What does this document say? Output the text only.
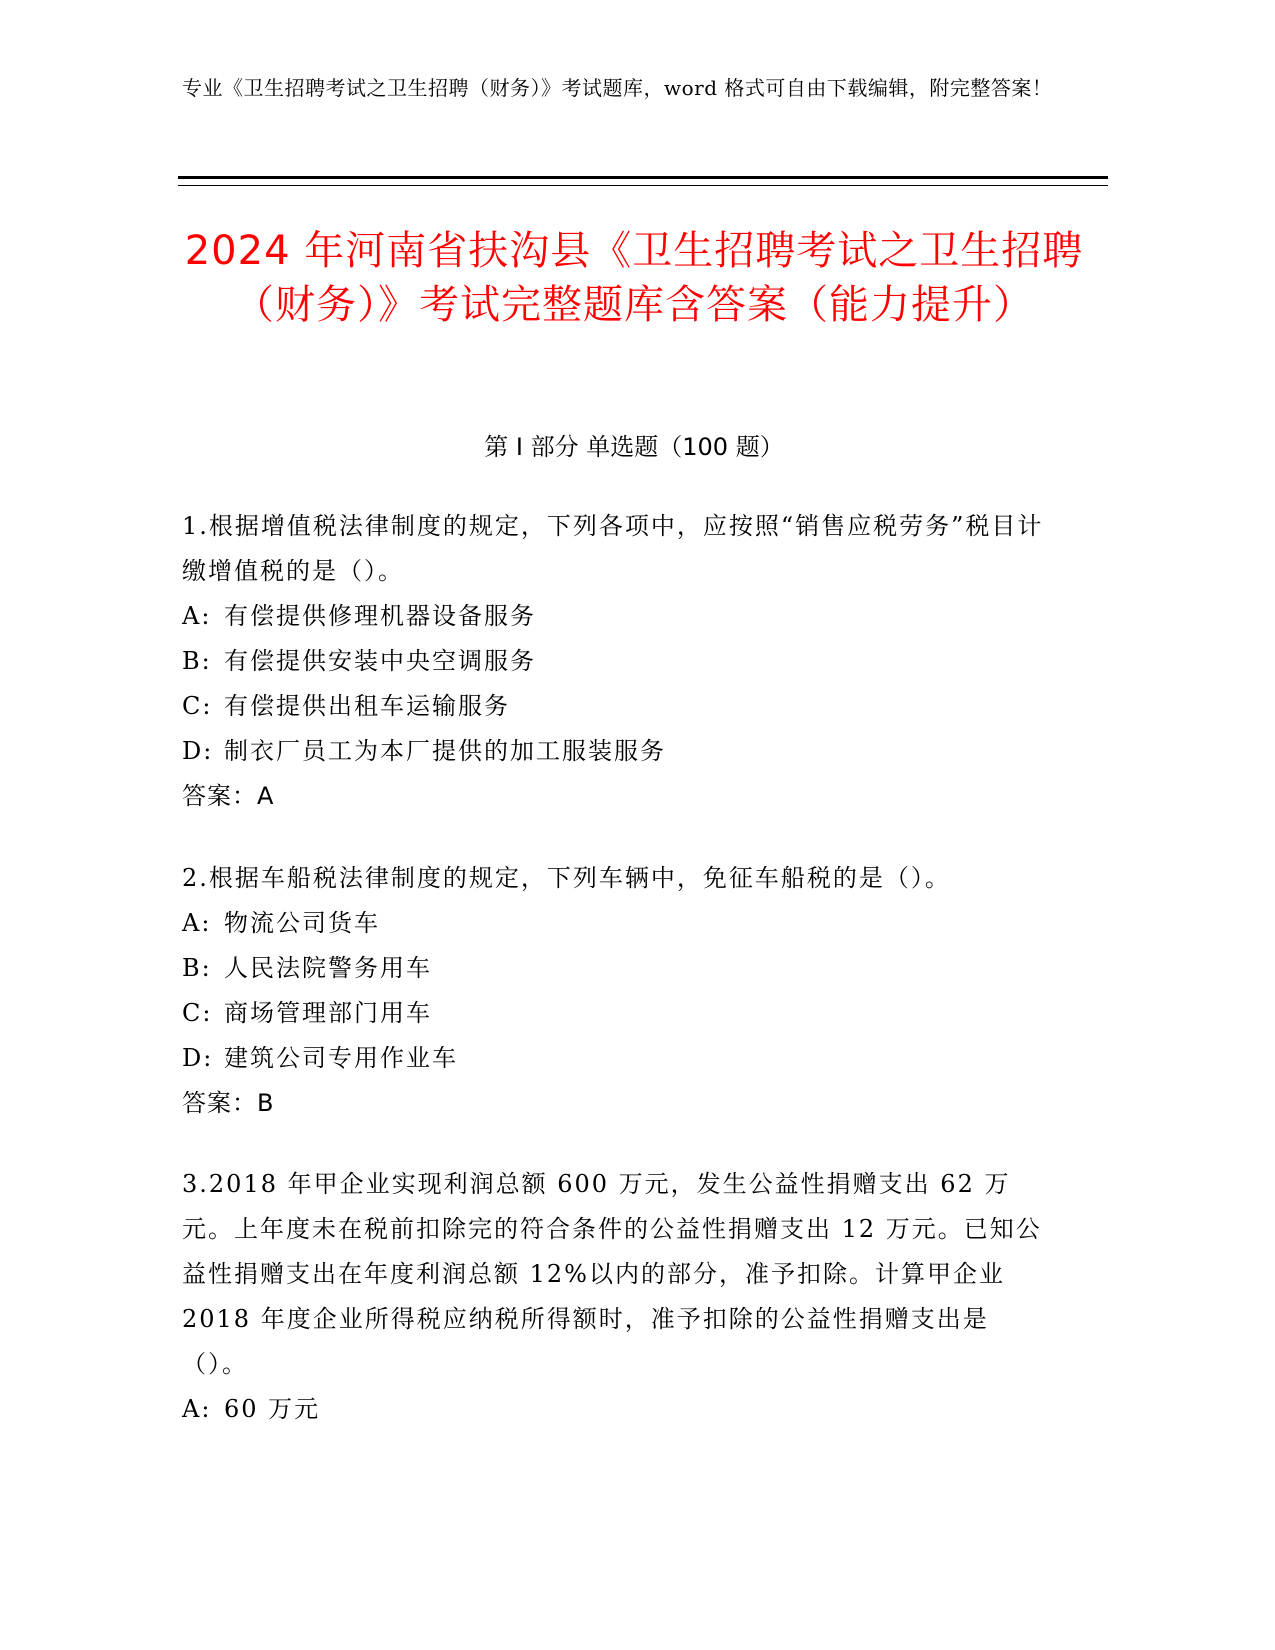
专业《卫生招聘考试之卫生招聘（财务）》考试题库，word 格式可自由下载编辑，附完整答案！
2024 年河南省扶沟县《卫生招聘考试之卫生招聘（财务）》考试完整题库含答案（能力提升）
第 I 部分 单选题（100 题）
1.根据增值税法律制度的规定，下列各项中，应按照“销售应税劳务”税目计缴增值税的是（）。
A: 有偿提供修理机器设备服务
B: 有偿提供安装中央空调服务
C: 有偿提供出租车运输服务
D: 制衣厂员工为本厂提供的加工服装服务
答案：A
2.根据车船税法律制度的规定，下列车辆中，免征车船税的是（）。
A: 物流公司货车
B: 人民法院警务用车
C: 商场管理部门用车
D: 建筑公司专用作业车
答案：B
3.2018 年甲企业实现利润总额 600 万元，发生公益性捐赠支出 62 万元。上年度未在税前扣除完的符合条件的公益性捐赠支出 12 万元。已知公益性捐赠支出在年度利润总额 12%以内的部分，准予扣除。计算甲企业 2018 年度企业所得税应纳税所得额时，准予扣除的公益性捐赠支出是（）。
A: 60 万元
